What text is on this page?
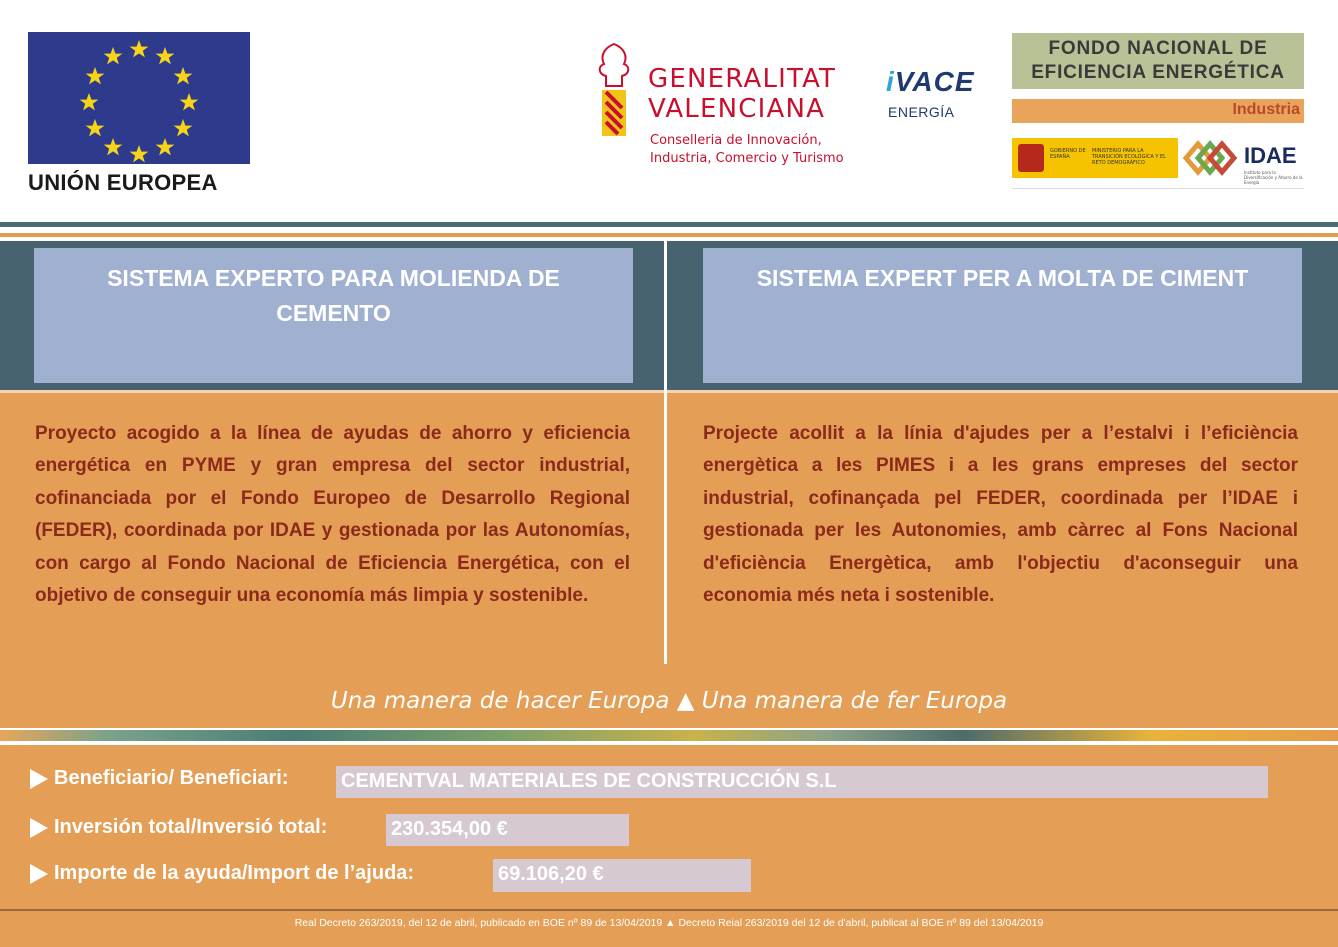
UNIÓN EUROPEA
GENERALITAT
VALENCIANA
Conselleria de Innovación,
Industria, Comercio y Turismo
iVACE
ENERGÍA
FONDO NACIONAL DE
EFICIENCIA ENERGÉTICA
Industria
GOBIERNO DE ESPAÑA
MINISTERIO PARA LA TRANSICIÓN ECOLÓGICA Y EL RETO DEMOGRÁFICO	IDAE
Instituto para la Diversificación y Ahorro de la Energía
SISTEMA EXPERTO PARA MOLIENDA DE CEMENTO
SISTEMA EXPERT PER A MOLTA DE CIMENT
Proyecto acogido a la línea de ayudas de ahorro y eficiencia energética en PYME y gran empresa del sector industrial, cofinanciada por el Fondo Europeo de Desarrollo Regional (FEDER), coordinada por IDAE y gestionada por las Autonomías, con cargo al Fondo Nacional de Eficiencia Energética, con el objetivo de conseguir una economía más limpia y sostenible.
Projecte acollit a la línia d'ajudes per a l’estalvi i l’eficiència energètica a les PIMES i a les grans empreses del sector industrial, cofinançada pel FEDER, coordinada per l’IDAE i gestionada per les Autonomies, amb càrrec al Fons Nacional d'eficiència Energètica, amb l'objectiu d'aconseguir una economia més neta i sostenible.
Una manera de hacer Europa ▲ Una manera de fer Europa
Beneficiario/ Beneficiari:	CEMENTVAL MATERIALES DE CONSTRUCCIÓN S.L
Inversión total/Inversió total:	230.354,00 €
Importe de la ayuda/Import de l’ajuda:	69.106,20 €
Real Decreto 263/2019, del 12 de abril, publicado en BOE nº 89 de 13/04/2019 ▲ Decreto Reial 263/2019 del 12 de d'abril, publicat al BOE nº 89 del 13/04/2019
